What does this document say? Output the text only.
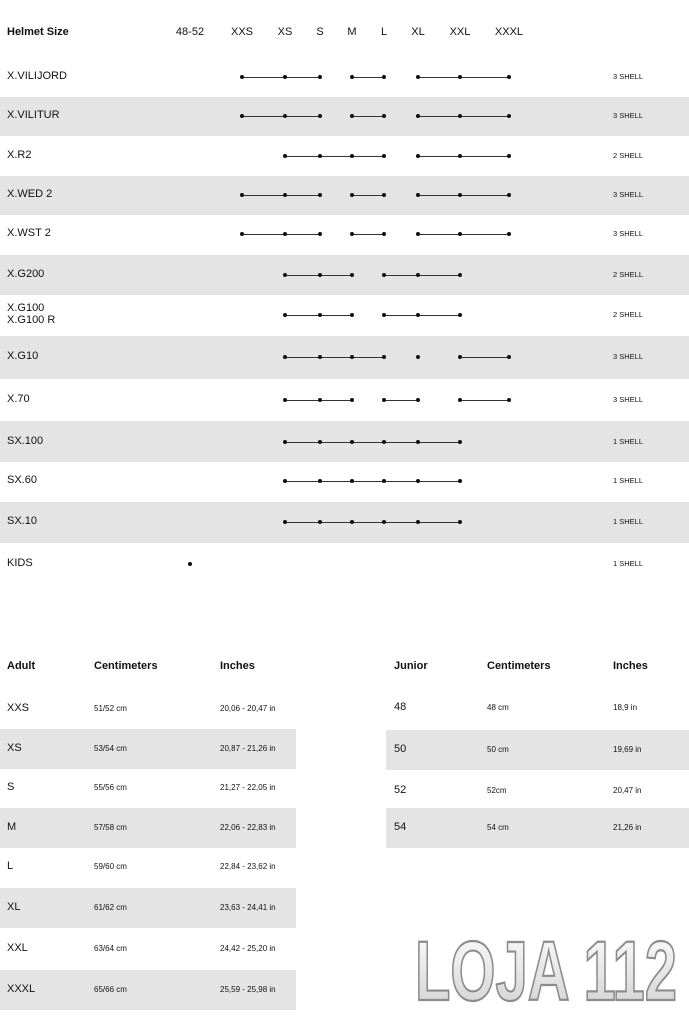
Helmet Size	48-52	XXS	XS	S	M	L	XL	XXL	XXXL
X.VILIJORD	3 SHELL
X.VILITUR	3 SHELL
X.R2	2 SHELL
X.WED 2	3 SHELL
X.WST 2	3 SHELL
X.G200	2 SHELL
X.G100
X.G100 R	2 SHELL
X.G10	3 SHELL
X.70	3 SHELL
SX.100	1 SHELL
SX.60	1 SHELL
SX.10	1 SHELL
KIDS	1 SHELL
Adult	Centimeters	Inches
XXS	51/52 cm	20,06 - 20,47 in
XS	53/54 cm	20,87 - 21,26 in
S	55/56 cm	21,27 - 22,05 in
M	57/58 cm	22,06 - 22,83 in
L	59/60 cm	22,84 - 23,62 in
XL	61/62 cm	23,63 - 24,41 in
XXL	63/64 cm	24,42 - 25,20 in
XXXL	65/66 cm	25,59 - 25,98 in
Junior	Centimeters	Inches
48	48 cm	18,9 in
50	50 cm	19,69 in
52	52cm	20,47 in
54	54 cm	21,26 in
LOJA 112
